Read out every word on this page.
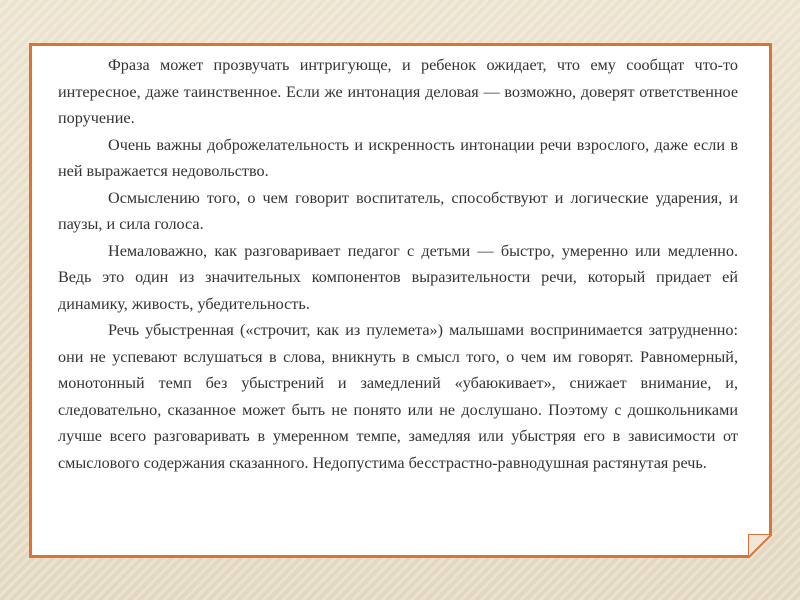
Фраза может прозвучать интригующе, и ребенок ожидает, что ему сообщат что-то интересное, даже таинственное. Если же интонация деловая — возможно, доверят ответственное поручение.

Очень важны доброжелательность и искренность интонации речи взрослого, даже если в ней выражается недовольство.

Осмыслению того, о чем говорит воспитатель, способствуют и логические ударения, и паузы, и сила голоса.

Немаловажно, как разговаривает педагог с детьми — быстро, умеренно или медленно. Ведь это один из значительных компонентов выразительности речи, который придает ей динамику, живость, убедительность.

Речь убыстренная («строчит, как из пулемета») малышами воспринимается затрудненно: они не успевают вслушаться в слова, вникнуть в смысл того, о чем им говорят. Равномерный, монотонный темп без убыстрений и замедлений «убаюкивает», снижает внимание, и, следовательно, сказанное может быть не понято или не дослушано. Поэтому с дошкольниками лучше всего разговаривать в умеренном темпе, замедляя или убыстряя его в зависимости от смыслового содержания сказанного. Недопустима бесстрастно-равнодушная растянутая речь.
